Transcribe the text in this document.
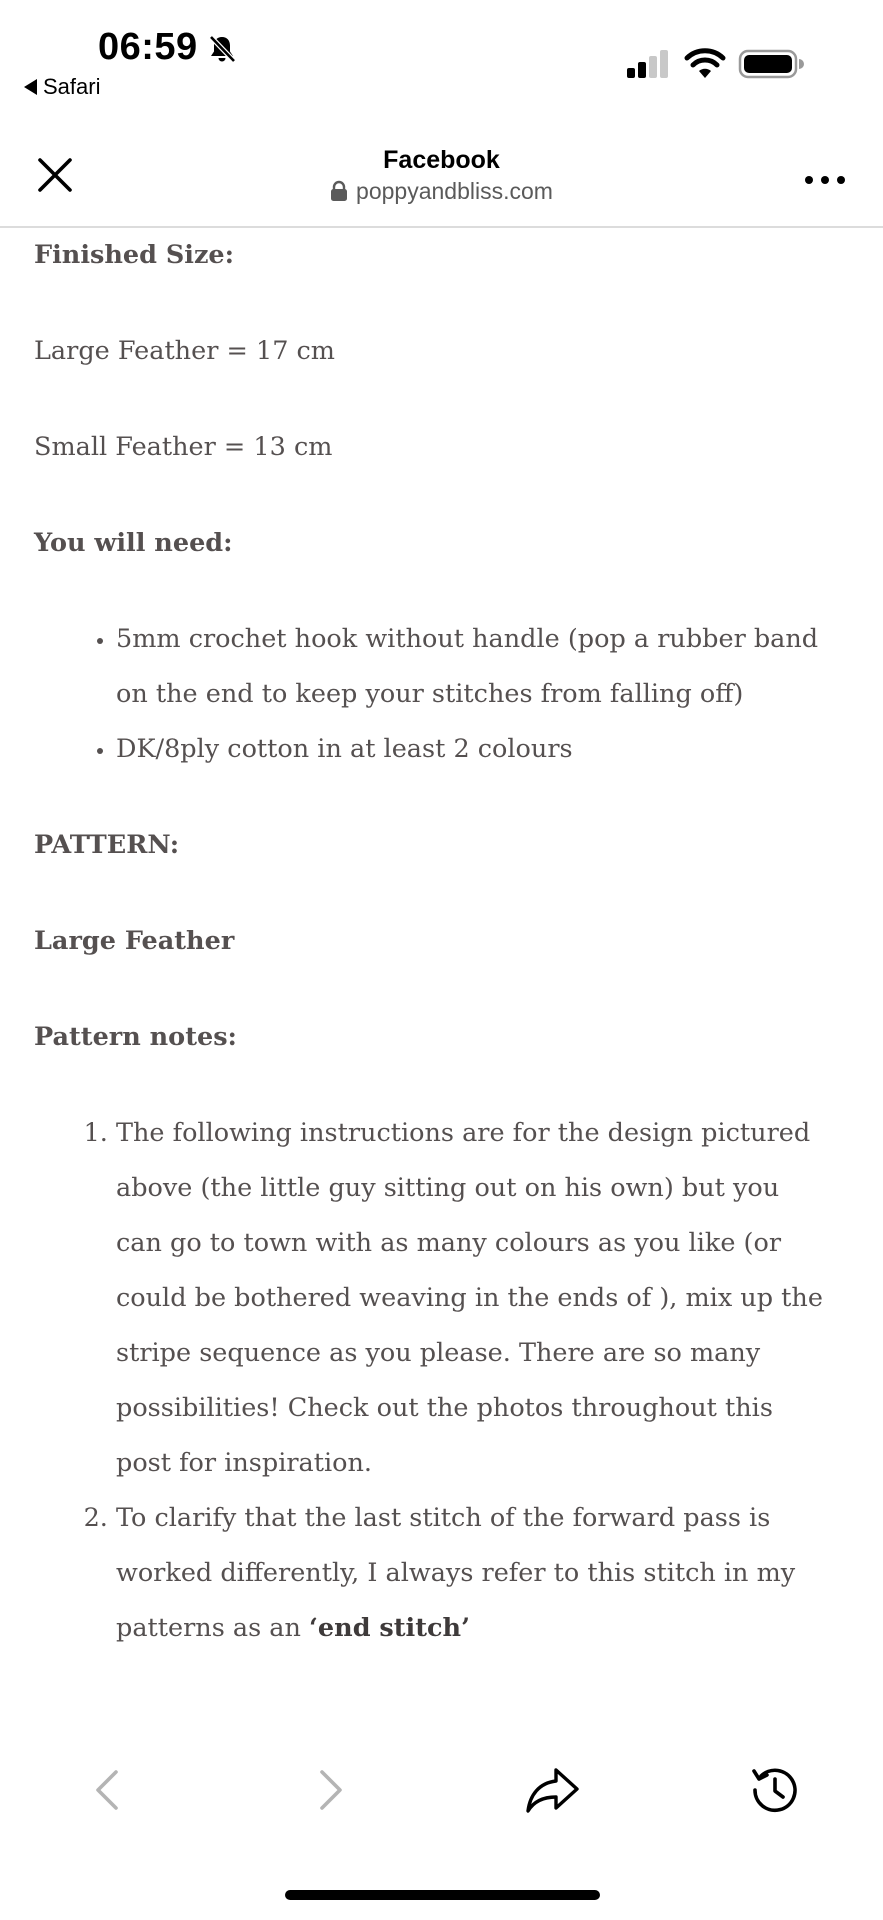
06:59
Safari
Facebook
poppyandbliss.com

Finished Size:

Large Feather = 17 cm

Small Feather = 13 cm

You will need:

• 5mm crochet hook without handle (pop a rubber band on the end to keep your stitches from falling off)
• DK/8ply cotton in at least 2 colours

PATTERN:

Large Feather

Pattern notes:

1. The following instructions are for the design pictured above (the little guy sitting out on his own) but you can go to town with as many colours as you like (or could be bothered weaving in the ends of ), mix up the stripe sequence as you please. There are so many possibilities! Check out the photos throughout this post for inspiration.
2. To clarify that the last stitch of the forward pass is worked differently, I always refer to this stitch in my patterns as an ‘end stitch’
